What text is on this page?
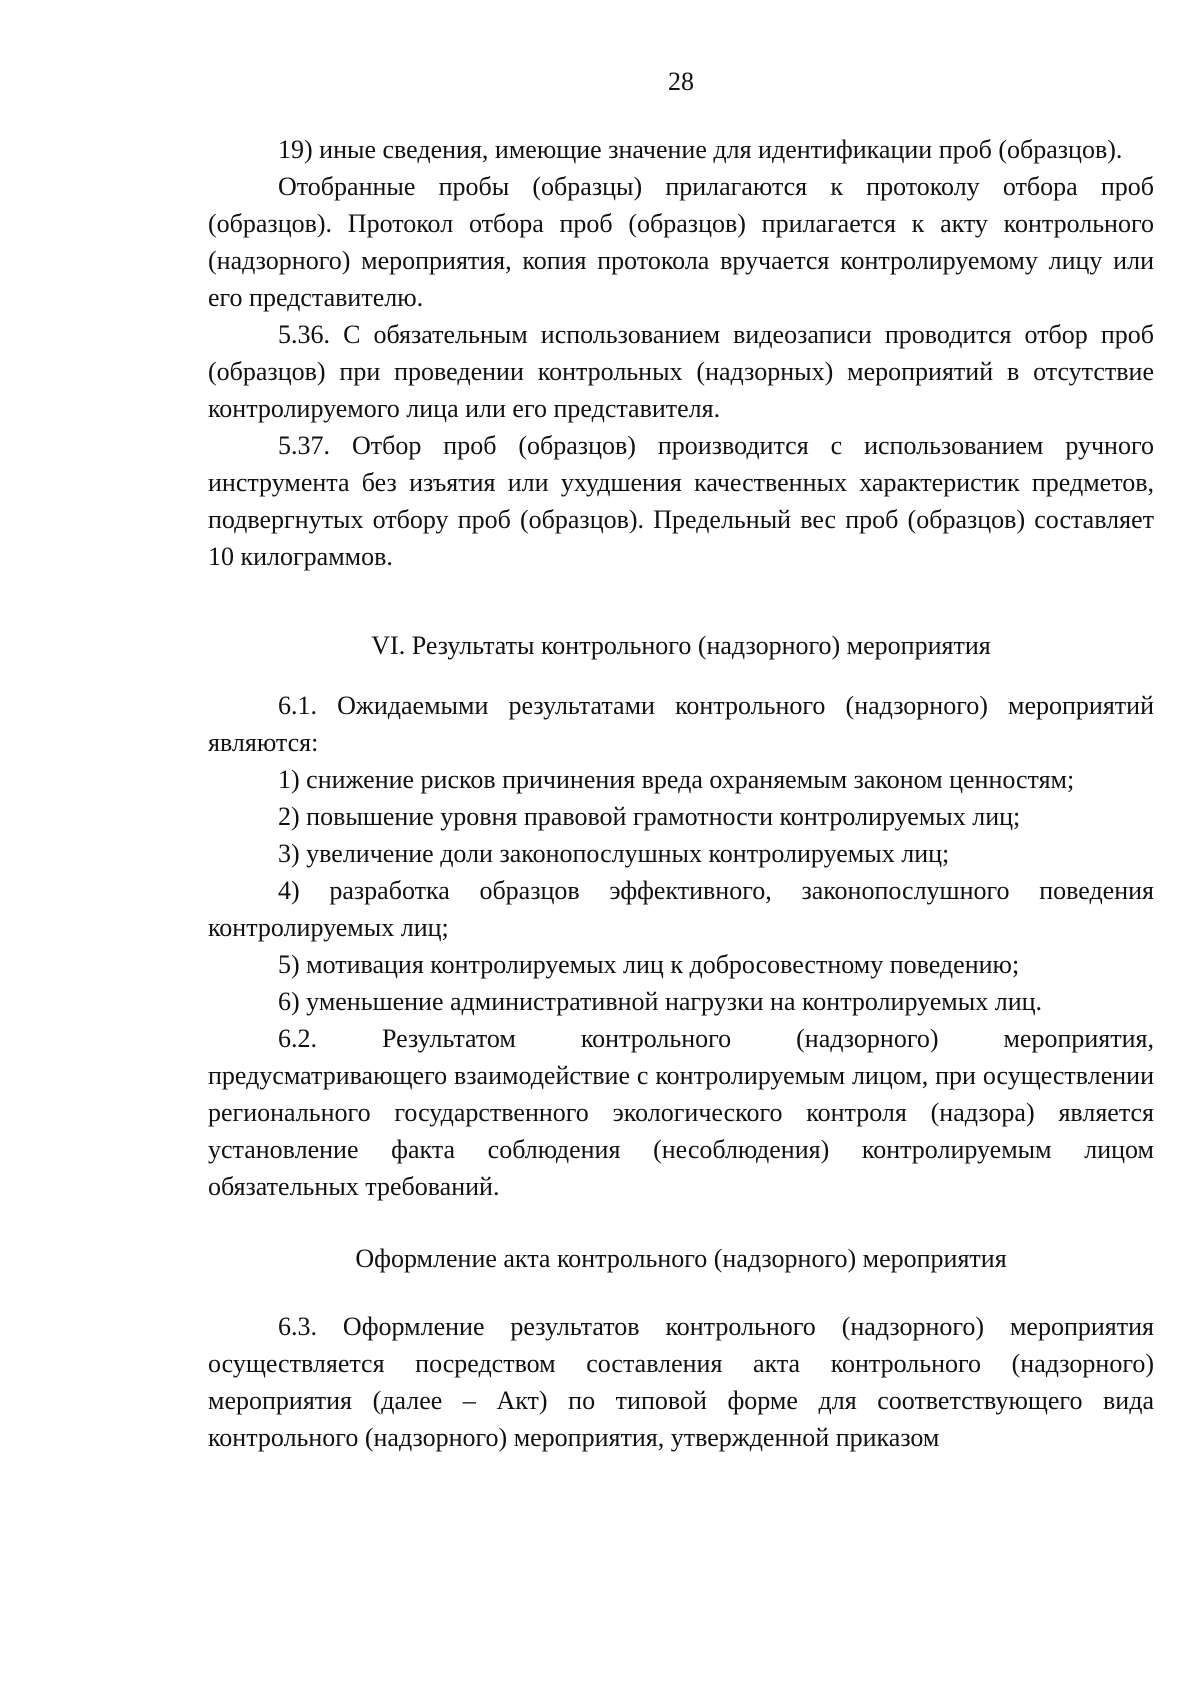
28

19) иные сведения, имеющие значение для идентификации проб (образцов).

Отобранные пробы (образцы) прилагаются к протоколу отбора проб (образцов). Протокол отбора проб (образцов) прилагается к акту контрольного (надзорного) мероприятия, копия протокола вручается контролируемому лицу или его представителю.

5.36. С обязательным использованием видеозаписи проводится отбор проб (образцов) при проведении контрольных (надзорных) мероприятий в отсутствие контролируемого лица или его представителя.

5.37. Отбор проб (образцов) производится с использованием ручного инструмента без изъятия или ухудшения качественных характеристик предметов, подвергнутых отбору проб (образцов). Предельный вес проб (образцов) составляет 10 килограммов.

VI. Результаты контрольного (надзорного) мероприятия

6.1. Ожидаемыми результатами контрольного (надзорного) мероприятий являются:

1) снижение рисков причинения вреда охраняемым законом ценностям;

2) повышение уровня правовой грамотности контролируемых лиц;

3) увеличение доли законопослушных контролируемых лиц;

4) разработка образцов эффективного, законопослушного поведения контролируемых лиц;

5) мотивация контролируемых лиц к добросовестному поведению;

6) уменьшение административной нагрузки на контролируемых лиц.

6.2. Результатом контрольного (надзорного) мероприятия, предусматривающего взаимодействие с контролируемым лицом, при осуществлении регионального государственного экологического контроля (надзора) является установление факта соблюдения (несоблюдения) контролируемым лицом обязательных требований.

Оформление акта контрольного (надзорного) мероприятия

6.3. Оформление результатов контрольного (надзорного) мероприятия осуществляется посредством составления акта контрольного (надзорного) мероприятия (далее – Акт) по типовой форме для соответствующего вида контрольного (надзорного) мероприятия, утвержденной приказом
